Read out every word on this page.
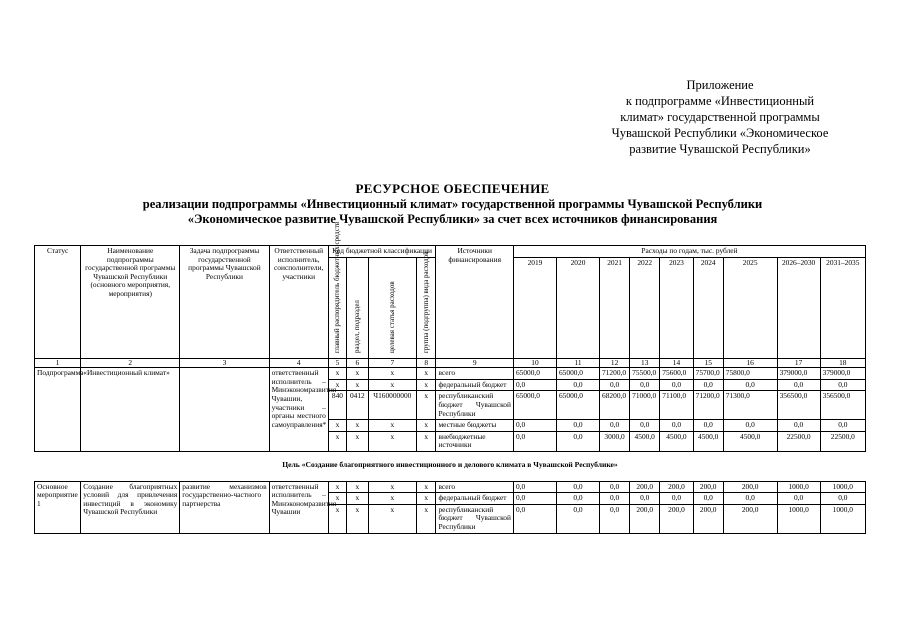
Приложение
к подпрограмме «Инвестиционный
климат» государственной программы
Чувашской Республики «Экономическое
развитие Чувашской Республики»
РЕСУРСНОЕ ОБЕСПЕЧЕНИЕ
реализации подпрограммы «Инвестиционный климат» государственной программы Чувашской Республики
«Экономическое развитие Чувашской Республики» за счет всех источников финансирования
Статус	Наименование подпрограммы государственной программы Чувашской Республики (основного мероприятия, мероприятия)	Задача подпрограммы государственной программы Чувашской Республики	Ответственный исполнитель, соисполнители, участники	Код бюджетной классификации				Источники финансирования	Расходы по годам, тыс. рублей								

				главный распорядитель бюджетных средств	раздел, подраздел	целевая статья расходов	группа (подгруппа) вида расходов		2019	2020	2021	2022	2023	2024	2025	2026–2030	2031–2035
1	2	3	4	5	6	7	8	9	10	11	12	13	14	15	16	17	18
Подпрограмма	«Инвестиционный климат»		ответственный исполнитель – Минэкономразвития Чувашии, участники – органы местного самоуправления*	x	x	x	x	всего	65000,0	65000,0	71200,0	75500,0	75600,0	75700,0	75800,0	379000,0	379000,0
				x	x	x	x	федеральный бюджет	0,0	0,0	0,0	0,0	0,0	0,0	0,0	0,0	0,0
				840	0412	Ч160000000	x	республиканский бюджет Чувашской Республики	65000,0	65000,0	68200,0	71000,0	71100,0	71200,0	71300,0	356500,0	356500,0
				x	x	x	x	местные бюджеты	0,0	0,0	0,0	0,0	0,0	0,0	0,0	0,0	0,0
				x	x	x	x	внебюджетные источники	0,0	0,0	3000,0	4500,0	4500,0	4500,0	4500,0	22500,0	22500,0
Цель «Создание благоприятного инвестиционного и делового климата в Чувашской Республике»																	
Основное мероприятие 1	Создание благоприятных условий для привлечения инвестиций в экономику Чувашской Республики	развитие механизмов государственно-частного партнерства	ответственный исполнитель – Минэкономразвития Чувашии	x	x	x	x	всего	0,0	0,0	0,0	200,0	200,0	200,0	200,0	1000,0	1000,0
				x	x	x	x	федеральный бюджет	0,0	0,0	0,0	0,0	0,0	0,0	0,0	0,0	0,0
				x	x	x	x	республиканский бюджет Чувашской Республики	0,0	0,0	0,0	200,0	200,0	200,0	200,0	1000,0	1000,0
